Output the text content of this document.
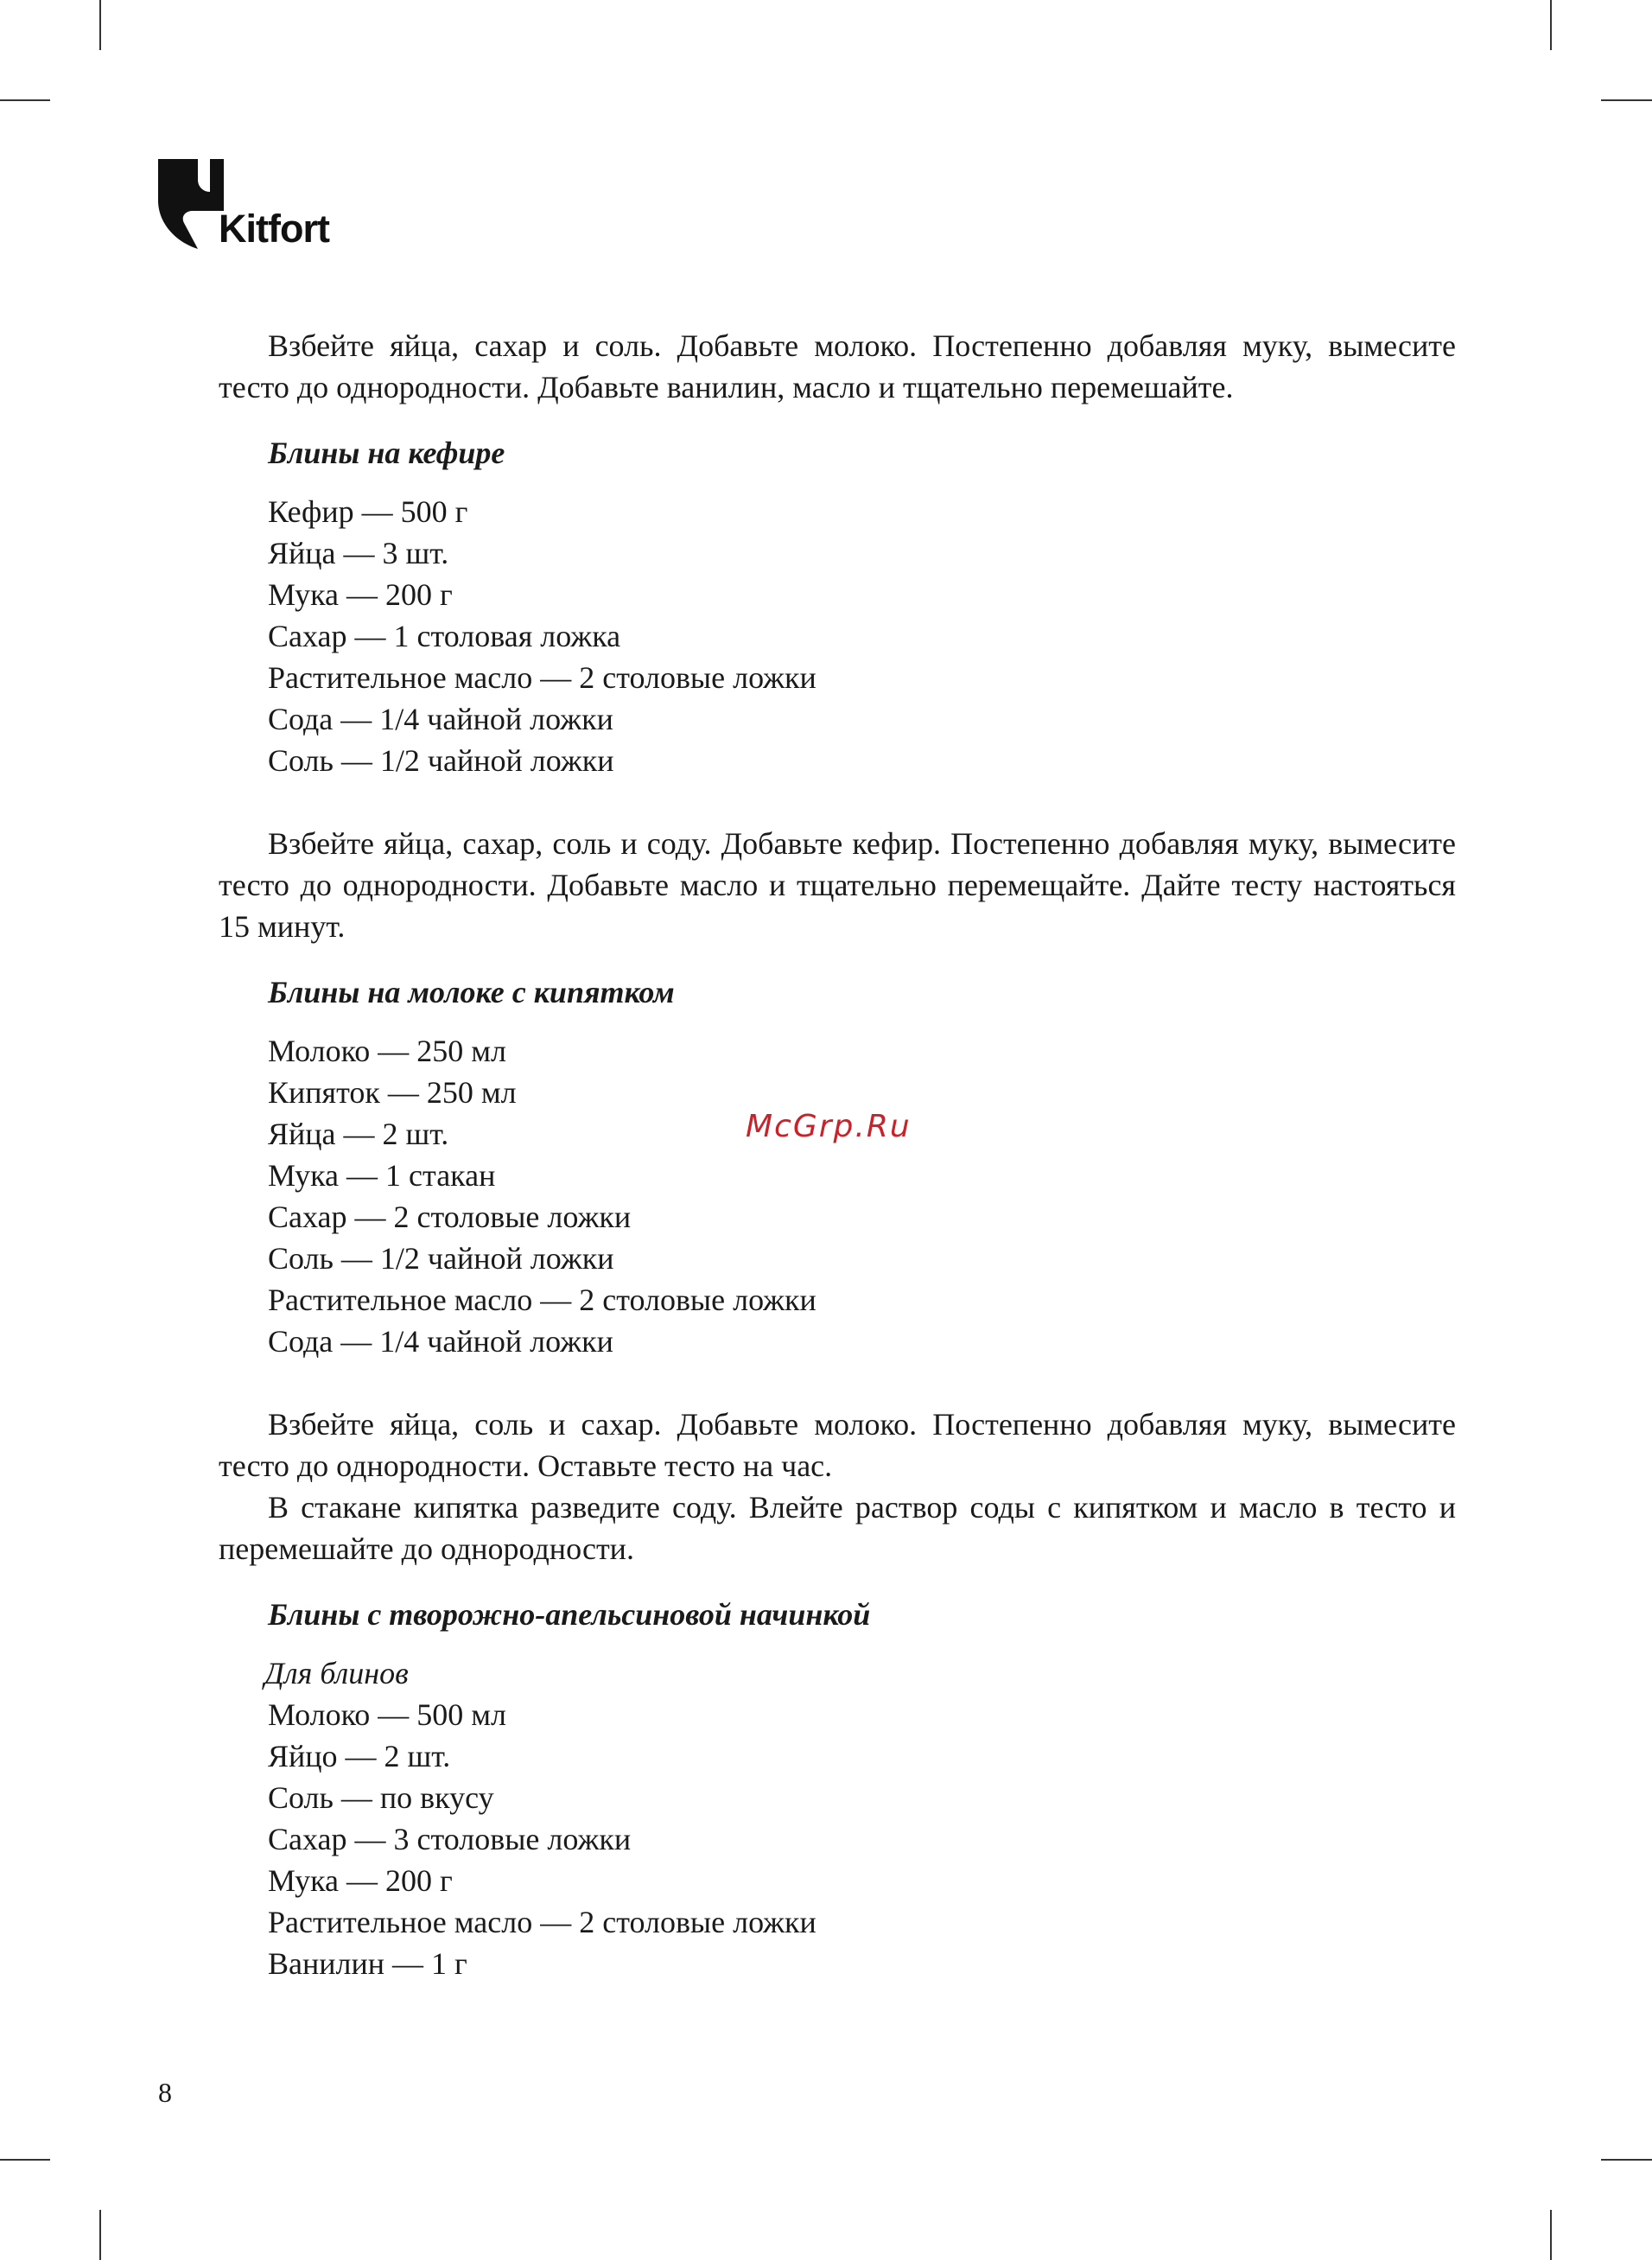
Kitfort

Взбейте яйца, сахар и соль. Добавьте молоко. Постепенно добавляя муку, вымесите тесто до однородности. Добавьте ванилин, масло и тщательно перемешайте.

Блины на кефире

Кефир — 500 г

Яйца — 3 шт.

Мука — 200 г

Сахар — 1 столовая ложка

Растительное масло — 2 столовые ложки

Сода — 1/4 чайной ложки

Соль — 1/2 чайной ложки

Взбейте яйца, сахар, соль и соду. Добавьте кефир. Постепенно добавляя муку, вымесите тесто до однородности. Добавьте масло и тщательно перемещайте. Дайте тесту настояться 15 минут.

Блины на молоке с кипятком

Молоко — 250 мл

Кипяток — 250 мл

Яйца — 2 шт.

Мука — 1 стакан

Сахар — 2 столовые ложки

Соль — 1/2 чайной ложки

Растительное масло — 2 столовые ложки

Сода — 1/4 чайной ложки

Взбейте яйца, соль и сахар. Добавьте молоко. Постепенно добавляя муку, вымесите тесто до однородности. Оставьте тесто на час.

В стакане кипятка разведите соду. Влейте раствор соды с кипятком и масло в тесто и перемешайте до однородности.

Блины с творожно-апельсиновой начинкой

Для блинов

Молоко — 500 мл

Яйцо — 2 шт.

Соль — по вкусу

Сахар — 3 столовые ложки

Мука — 200 г

Растительное масло — 2 столовые ложки

Ванилин — 1 г

McGrp.Ru
8
